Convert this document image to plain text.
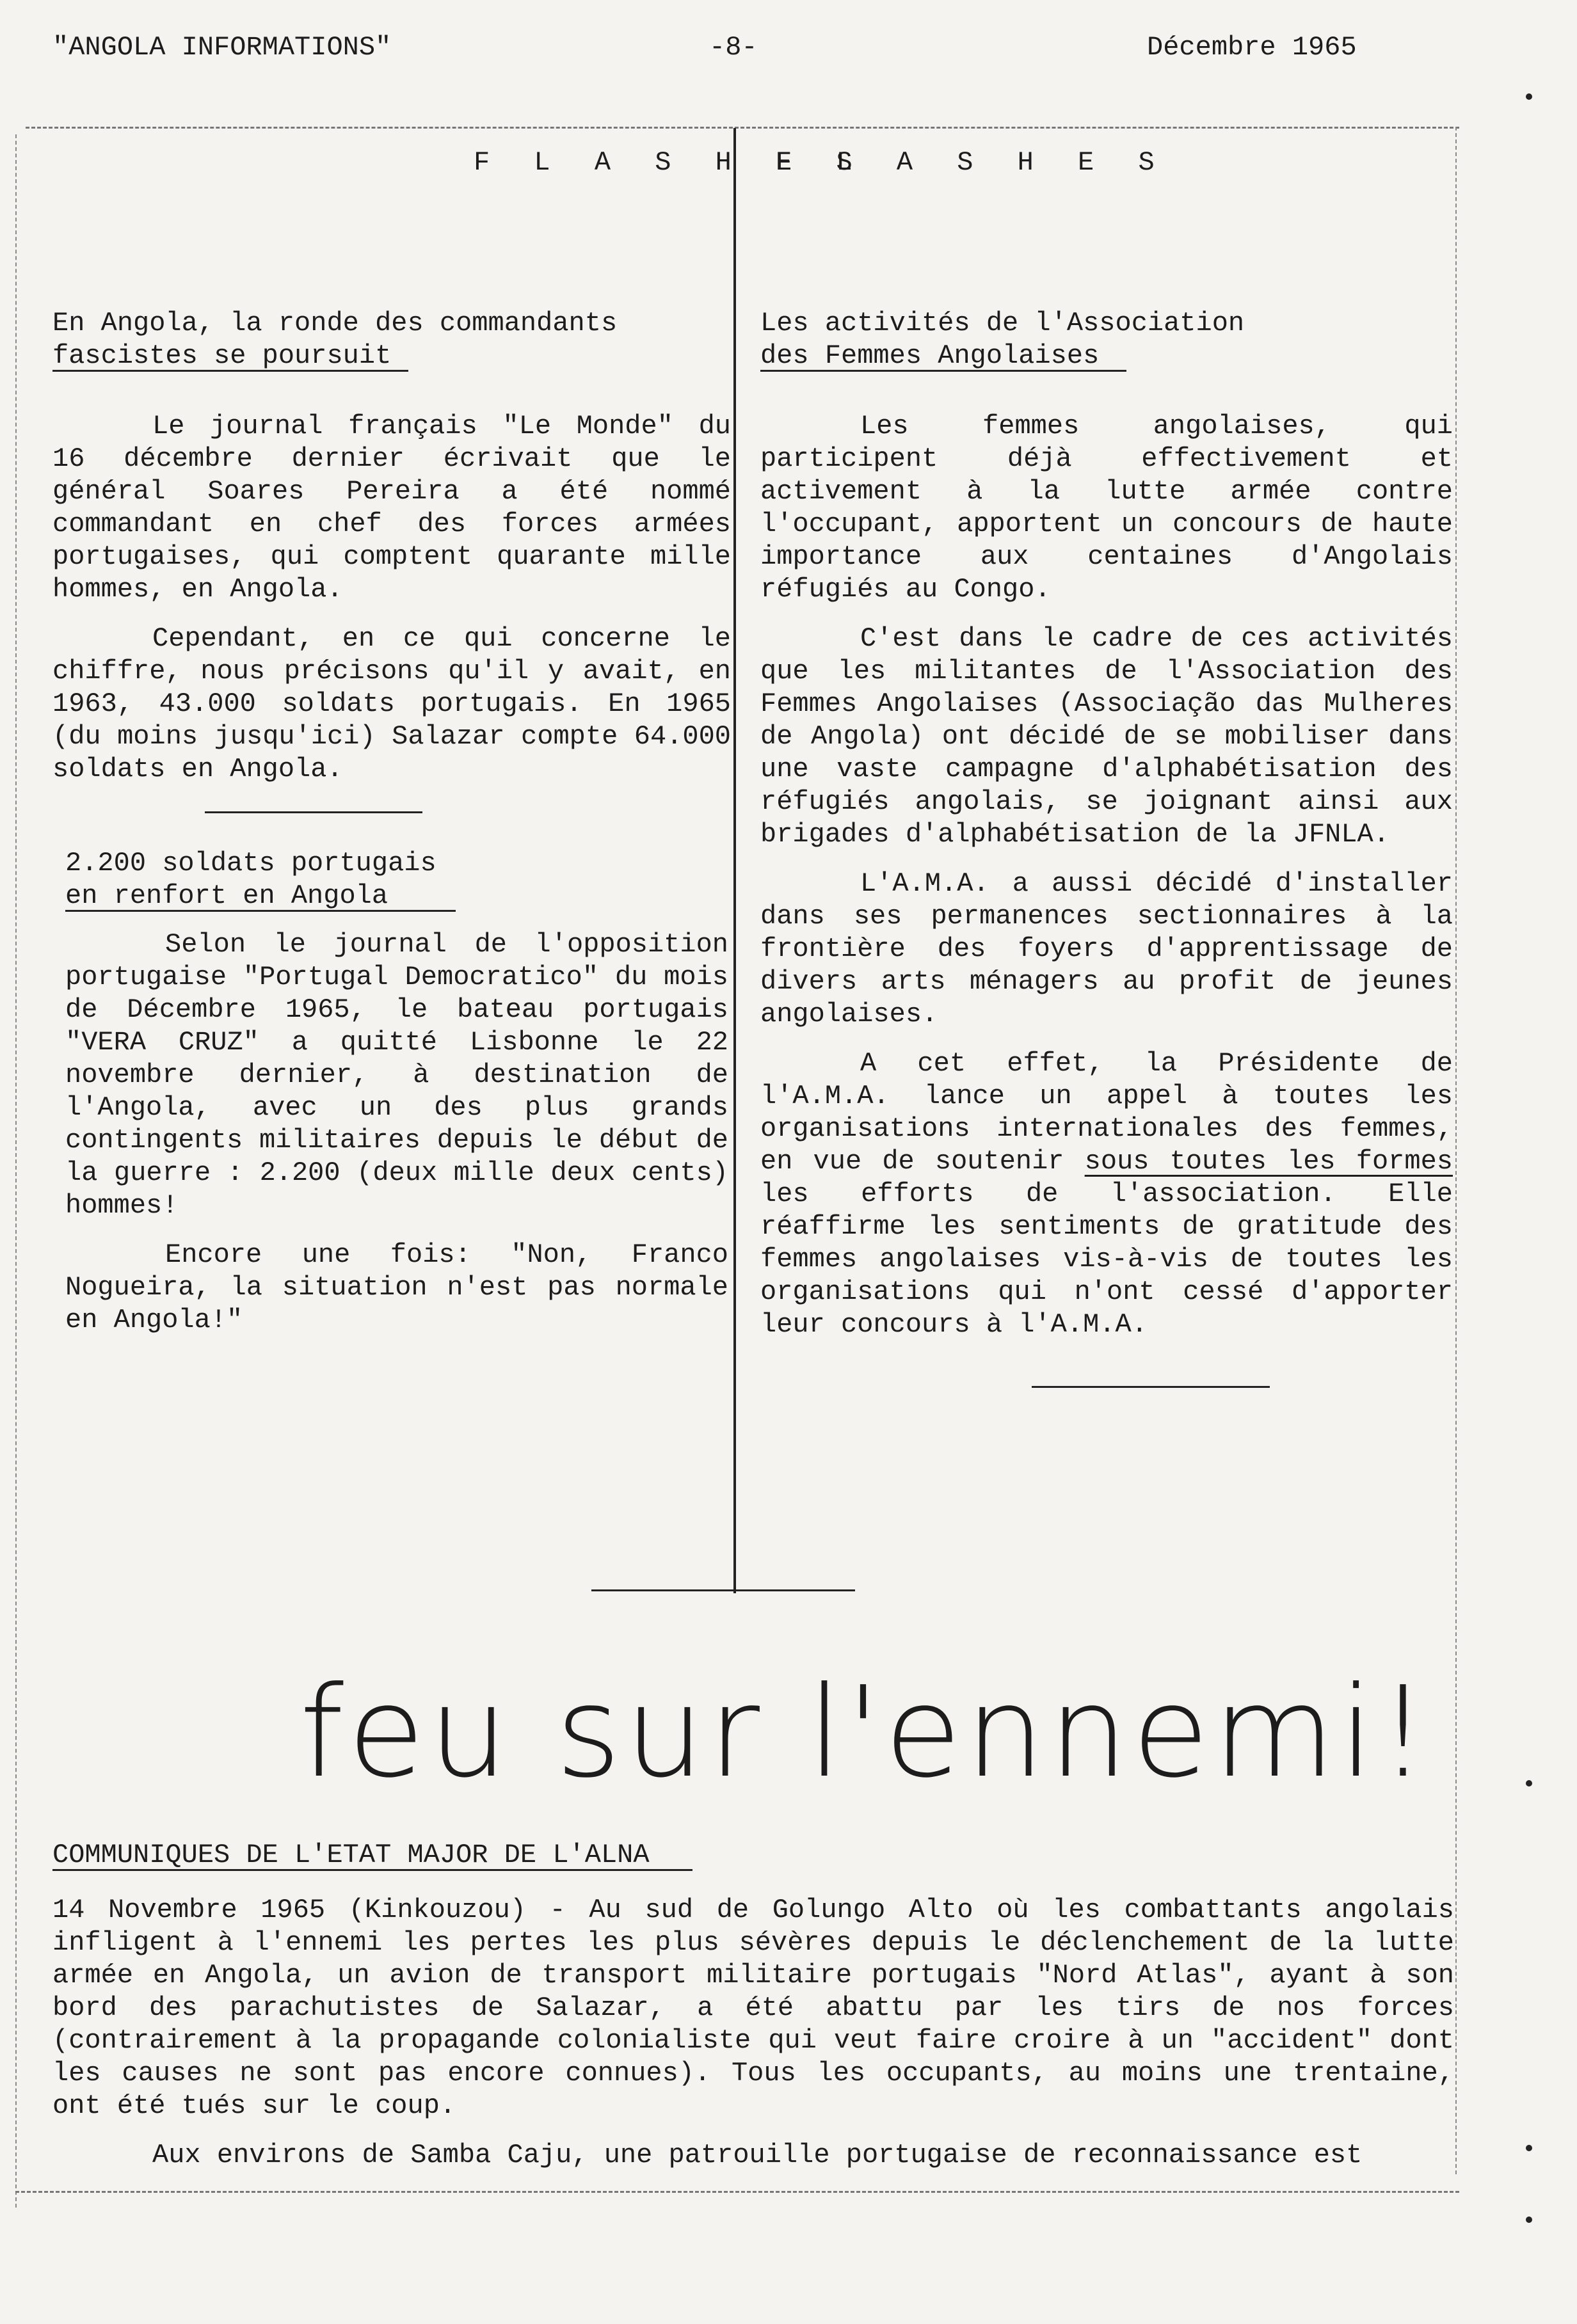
"ANGOLA INFORMATIONS"	-8-	Décembre 1965
F L A S H E S
F L A S H E S

En Angola, la ronde des commandants

fascistes se poursuit

Le journal français "Le Monde" du 16 décembre dernier écrivait que le général Soares Pereira a été nommé commandant en chef des forces armées portugaises, qui comptent quarante mille hommes, en Angola.

Cependant, en ce qui concerne le chiffre, nous précisons qu'il y avait, en 1963, 43.000 soldats portugais. En 1965 (du moins jusqu'ici) Salazar compte 64.000 soldats en Angola.

2.200 soldats portugais

en renfort en Angola

Selon le journal de l'opposition portugaise "Portugal Democratico" du mois de Décembre 1965, le bateau portugais "VERA CRUZ" a quitté Lisbonne le 22 novembre dernier, à destination de l'Angola, avec un des plus grands contingents militaires depuis le début de la guerre : 2.200 (deux mille deux cents) hommes!

Encore une fois: "Non, Franco Nogueira, la situation n'est pas normale en Angola!"

Les activités de l'Association

des Femmes Angolaises

Les femmes angolaises, qui participent déjà effectivement et activement à la lutte armée contre l'occupant, apportent un concours de haute importance aux centaines d'Angolais réfugiés au Congo.

C'est dans le cadre de ces activités que les militantes de l'Association des Femmes Angolaises (Associação das Mulheres de Angola) ont décidé de se mobiliser dans une vaste campagne d'alphabétisation des réfugiés angolais, se joignant ainsi aux brigades d'alphabétisation de la JFNLA.

L'A.M.A. a aussi décidé d'installer dans ses permanences sectionnaires à la frontière des foyers d'apprentissage de divers arts ménagers au profit de jeunes angolaises.

A cet effet, la Présidente de l'A.M.A. lance un appel à toutes les organisations internationales des femmes, en vue de soutenir sous toutes les formes les efforts de l'association. Elle réaffirme les sentiments de gratitude des femmes angolaises vis-à-vis de toutes les organisations qui n'ont cessé d'apporter leur concours à l'A.M.A.

feu sur l'ennemi!

COMMUNIQUES DE L'ETAT MAJOR DE L'ALNA

14 Novembre 1965 (Kinkouzou) - Au sud de Golungo Alto où les combattants angolais infligent à l'ennemi les pertes les plus sévères depuis le déclenchement de la lutte armée en Angola, un avion de transport militaire portugais "Nord Atlas", ayant à son bord des parachutistes de Salazar, a été abattu par les tirs de nos forces (contrairement à la propagande colonialiste qui veut faire croire à un "accident" dont les causes ne sont pas encore connues). Tous les occupants, au moins une trentaine, ont été tués sur le coup.

Aux environs de Samba Caju, une patrouille portugaise de reconnaissance est
